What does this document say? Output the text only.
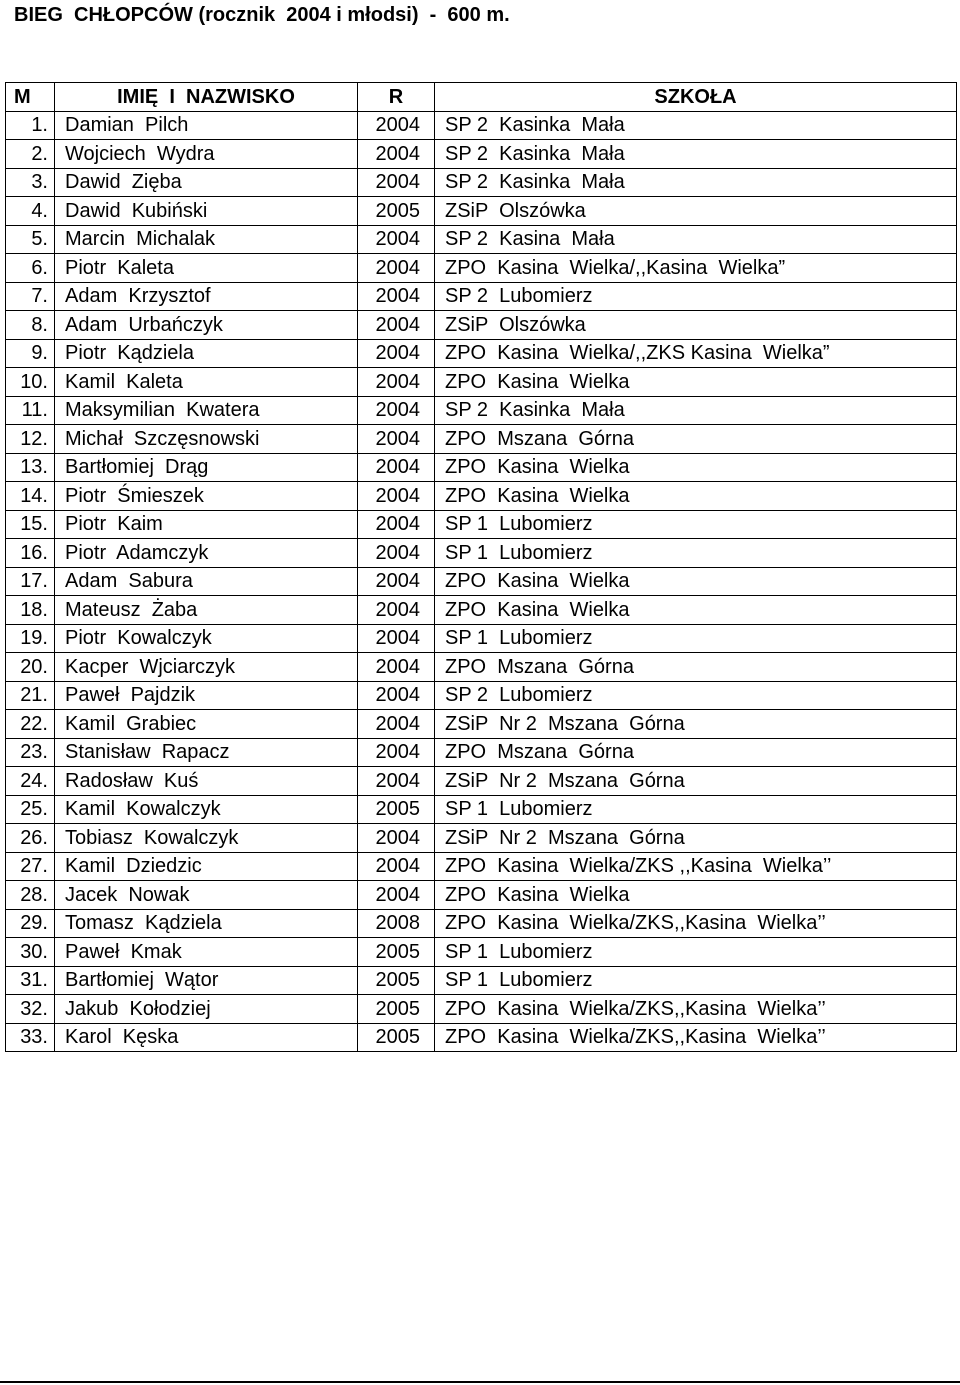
BIEG  CHŁOPCÓW (rocznik  2004 i młodsi)  -  600 m.
M	IMIĘ  I  NAZWISKO	R	SZKOŁA
1.	Damian  Pilch	2004	SP 2  Kasinka  Mała
2.	Wojciech  Wydra	2004	SP 2  Kasinka  Mała
3.	Dawid  Zięba	2004	SP 2  Kasinka  Mała
4.	Dawid  Kubiński	2005	ZSiP  Olszówka
5.	Marcin  Michalak	2004	SP 2  Kasina  Mała
6.	Piotr  Kaleta	2004	ZPO  Kasina  Wielka/,,Kasina  Wielka”
7.	Adam  Krzysztof	2004	SP 2  Lubomierz
8.	Adam  Urbańczyk	2004	ZSiP  Olszówka
9.	Piotr  Kądziela	2004	ZPO  Kasina  Wielka/,,ZKS Kasina  Wielka”
10.	Kamil  Kaleta	2004	ZPO  Kasina  Wielka
11.	Maksymilian  Kwatera	2004	SP 2  Kasinka  Mała
12.	Michał  Szczęsnowski	2004	ZPO  Mszana  Górna
13.	Bartłomiej  Drąg	2004	ZPO  Kasina  Wielka
14.	Piotr  Śmieszek	2004	ZPO  Kasina  Wielka
15.	Piotr  Kaim	2004	SP 1  Lubomierz
16.	Piotr  Adamczyk	2004	SP 1  Lubomierz
17.	Adam  Sabura	2004	ZPO  Kasina  Wielka
18.	Mateusz  Żaba	2004	ZPO  Kasina  Wielka
19.	Piotr  Kowalczyk	2004	SP 1  Lubomierz
20.	Kacper  Wjciarczyk	2004	ZPO  Mszana  Górna
21.	Paweł  Pajdzik	2004	SP 2  Lubomierz
22.	Kamil  Grabiec	2004	ZSiP  Nr 2  Mszana  Górna
23.	Stanisław  Rapacz	2004	ZPO  Mszana  Górna
24.	Radosław  Kuś	2004	ZSiP  Nr 2  Mszana  Górna
25.	Kamil  Kowalczyk	2005	SP 1  Lubomierz
26.	Tobiasz  Kowalczyk	2004	ZSiP  Nr 2  Mszana  Górna
27.	Kamil  Dziedzic	2004	ZPO  Kasina  Wielka/ZKS ,,Kasina  Wielka’’
28.	Jacek  Nowak	2004	ZPO  Kasina  Wielka
29.	Tomasz  Kądziela	2008	ZPO  Kasina  Wielka/ZKS,,Kasina  Wielka’’
30.	Paweł  Kmak	2005	SP 1  Lubomierz
31.	Bartłomiej  Wątor	2005	SP 1  Lubomierz
32.	Jakub  Kołodziej	2005	ZPO  Kasina  Wielka/ZKS,,Kasina  Wielka’’
33.	Karol  Kęska	2005	ZPO  Kasina  Wielka/ZKS,,Kasina  Wielka’’
